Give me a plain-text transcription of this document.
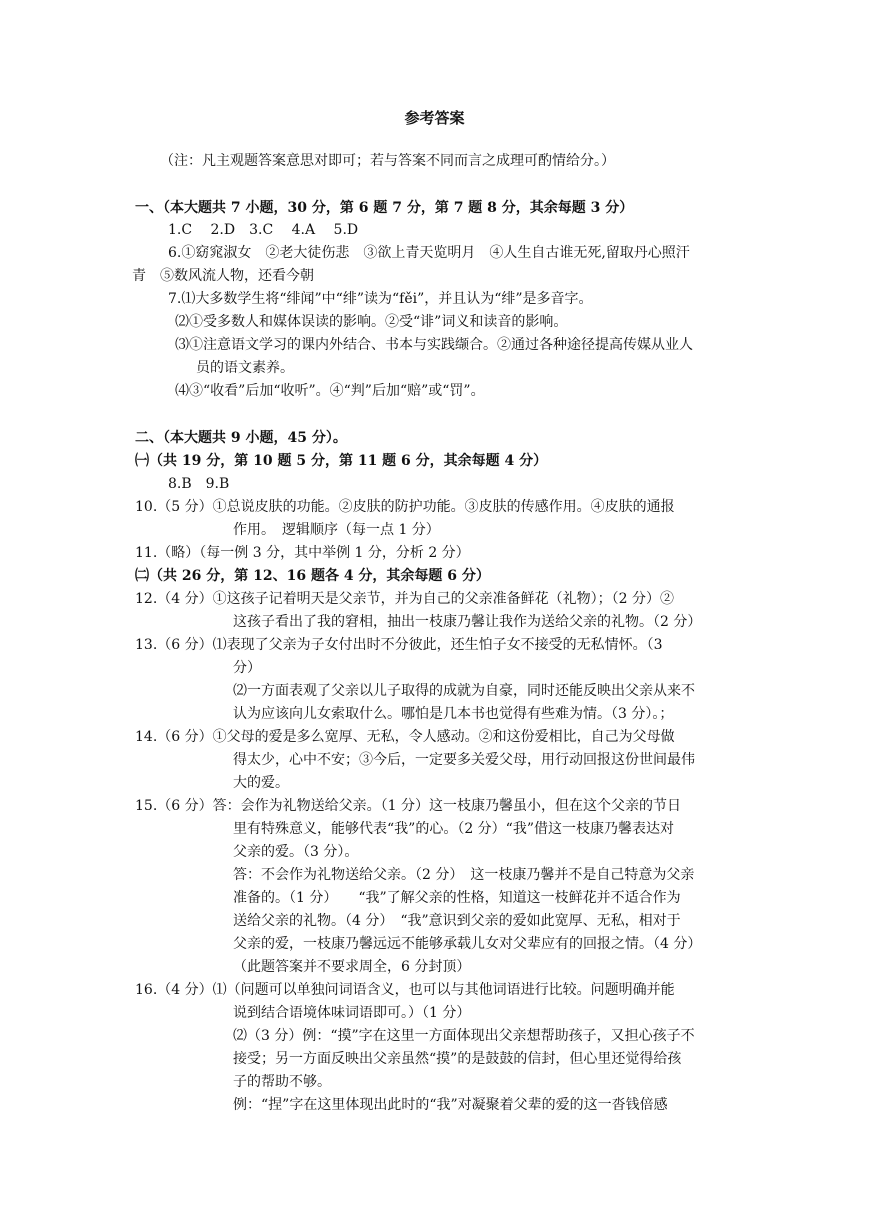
参考答案
（注：凡主观题答案意思对即可；若与答案不同而言之成理可酌情给分。）
一、（本大题共 7 小题，30 分，第 6 题 7 分，第 7 题 8 分，其余每题 3 分）
1.C　 2.D　3.C　 4.A　 5.D
6.①窈窕淑女　②老大徒伤悲　③欲上青天览明月　④人生自古谁无死,留取丹心照汗
青　⑤数风流人物，还看今朝
7.⑴大多数学生将“绯闻”中“绯”读为“fěi”，并且认为“绯”是多音字。
⑵①受多数人和媒体误读的影响。②受“诽”词义和读音的影响。
⑶①注意语文学习的课内外结合、书本与实践缬合。②通过各种途径提高传媒从业人
员的语文素养。
⑷③“收看”后加“收听”。④“判”后加“赔”或“罚”。
二、（本大题共 9 小题，45 分）。
㈠（共 19 分，第 10 题 5 分，第 11 题 6 分，其余每题 4 分）
8.B　9.B
10.（5 分）①总说皮肤的功能。②皮肤的防护功能。③皮肤的传感作用。④皮肤的通报
作用。　逻辑顺序（每一点 1 分）
11.（略）（每一例 3 分，其中举例 1 分，分析 2 分）
㈡（共 26 分，第 12、16 题各 4 分，其余每题 6 分）
12.（4 分）①这孩子记着明天是父亲节，并为自己的父亲准备鲜花（礼物）；（2 分）②
这孩子看出了我的窘相，抽出一枝康乃馨让我作为送给父亲的礼物。（2 分）
13.（6 分）⑴表现了父亲为子女付出时不分彼此，还生怕子女不接受的无私情怀。（3
分）
⑵一方面表观了父亲以儿子取得的成就为自豪，同时还能反映出父亲从来不
认为应该向儿女索取什么。哪怕是几本书也觉得有些难为情。（3 分）。；
14.（6 分）①父母的爱是多么宽厚、无私，令人感动。②和这份爱相比，自己为父母做
得太少，心中不安；③今后，一定要多关爱父母，用行动回报这份世间最伟
大的爱。
15.（6 分）答：会作为礼物送给父亲。（1 分）这一枝康乃馨虽小，但在这个父亲的节日
里有特殊意义，能够代表“我”的心。（2 分）“我”借这一枝康乃馨表达对
父亲的爱。（3 分）。
答：不会作为礼物送给父亲。（2 分）　这一枝康乃馨并不是自己特意为父亲
准备的。（1 分）　　“我”了解父亲的性格，知道这一枝鲜花并不适合作为
送给父亲的礼物。（4 分）　“我”意识到父亲的爱如此宽厚、无私，相对于
父亲的爱，一枝康乃馨远远不能够承载儿女对父辈应有的回报之情。（4 分）
（此题答案并不要求周全，6 分封顶）
16.（4 分）⑴（问题可以单独问词语含义，也可以与其他词语进行比较。问题明确并能
说到结合语境体味词语即可。）（1 分）
⑵（3 分）例：“摸”字在这里一方面体现出父亲想帮助孩子，又担心孩子不
接受；另一方面反映出父亲虽然“摸”的是鼓鼓的信封，但心里还觉得给孩
子的帮助不够。
例：“捏”字在这里体现出此时的“我”对凝聚着父辈的爱的这一沓钱倍感
